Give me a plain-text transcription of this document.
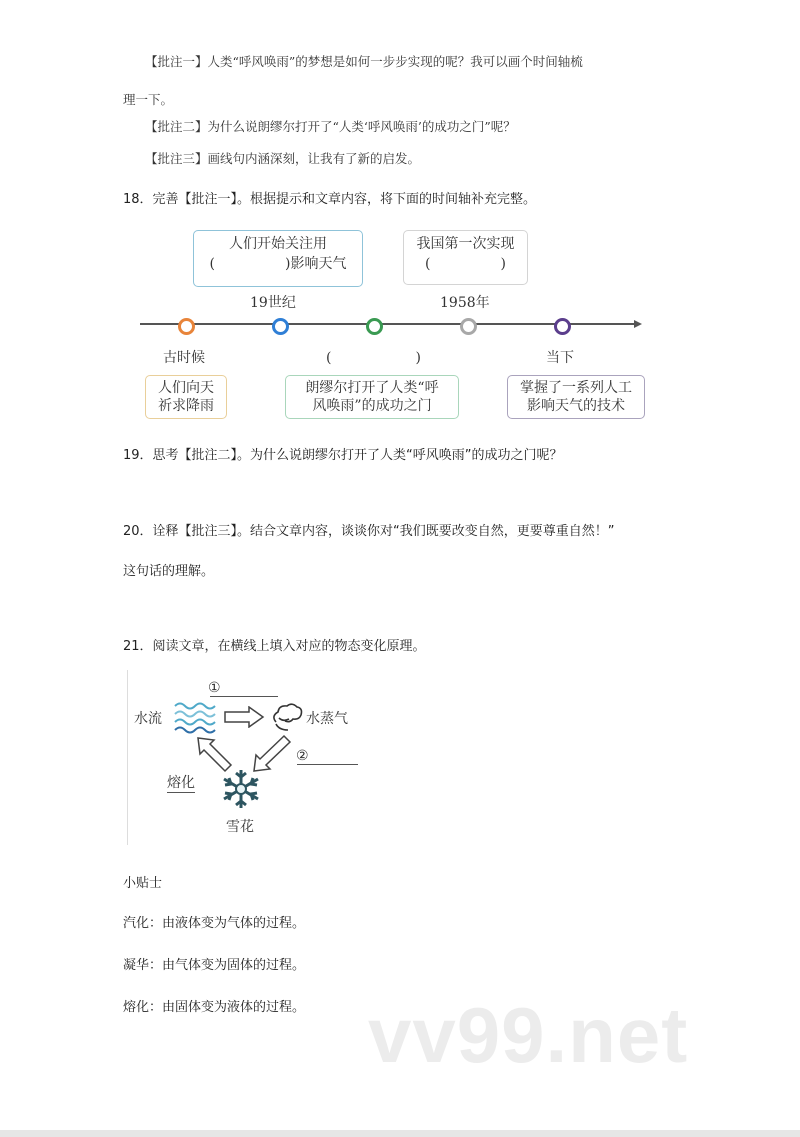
vv99.net
【批注一】人类“呼风唤雨”的梦想是如何一步步实现的呢？我可以画个时间轴梳
理一下。
【批注二】为什么说朗缪尔打开了“人类‘呼风唤雨’的成功之门”呢？
【批注三】画线句内涵深刻，让我有了新的启发。
18．完善【批注一】。根据提示和文章内容，将下面的时间轴补充完整。
人们开始关注用
(　　　　　)影响天气
19世纪
我国第一次实现
(　　　　　)
1958年
古时候	(　　　　　　)	当下
人们向天
祈求降雨
朗缪尔打开了人类“呼
风唤雨”的成功之门
掌握了一系列人工
影响天气的技术
19．思考【批注二】。为什么说朗缪尔打开了人类“呼风唤雨”的成功之门呢？
20．诠释【批注三】。结合文章内容，谈谈你对“我们既要改变自然，更要尊重自然！”
这句话的理解。
21．阅读文章，在横线上填入对应的物态变化原理。
水流	水蒸气
①
②
熔化
雪花
小贴士
汽化：由液体变为气体的过程。
凝华：由气体变为固体的过程。
熔化：由固体变为液体的过程。
